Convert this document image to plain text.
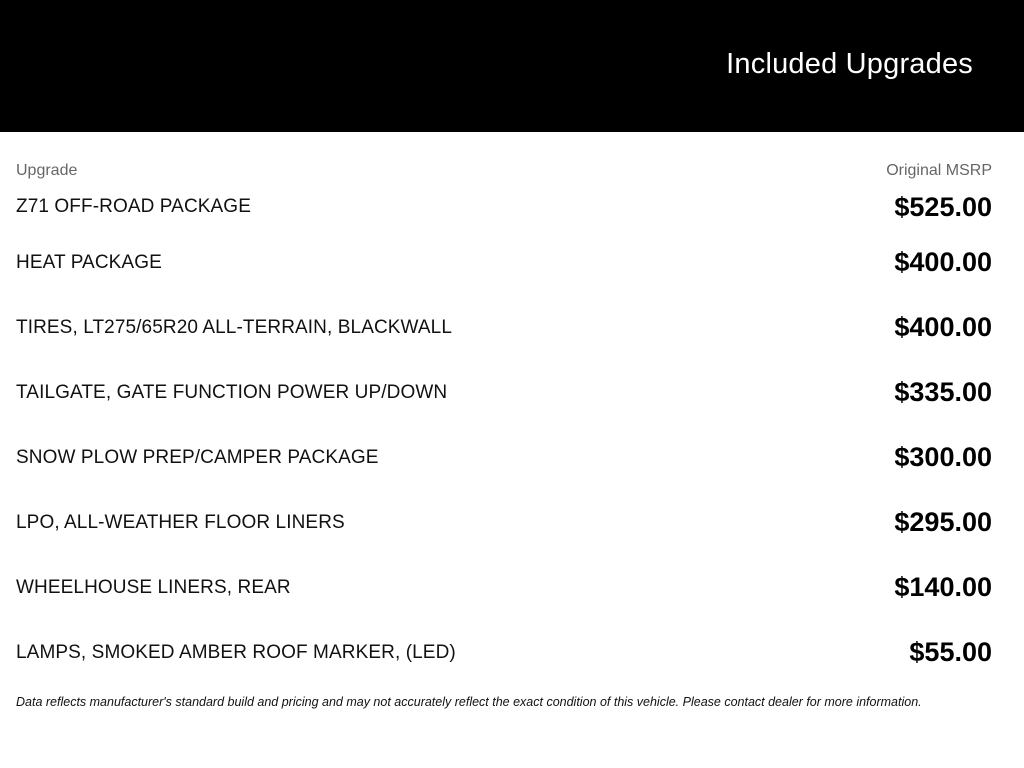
Included Upgrades
Upgrade	Original MSRP
Z71 OFF-ROAD PACKAGE	$525.00
HEAT PACKAGE	$400.00
TIRES, LT275/65R20 ALL-TERRAIN, BLACKWALL	$400.00
TAILGATE, GATE FUNCTION POWER UP/DOWN	$335.00
SNOW PLOW PREP/CAMPER PACKAGE	$300.00
LPO, ALL-WEATHER FLOOR LINERS	$295.00
WHEELHOUSE LINERS, REAR	$140.00
LAMPS, SMOKED AMBER ROOF MARKER, (LED)	$55.00
Data reflects manufacturer's standard build and pricing and may not accurately reflect the exact condition of this vehicle. Please contact dealer for more information.
